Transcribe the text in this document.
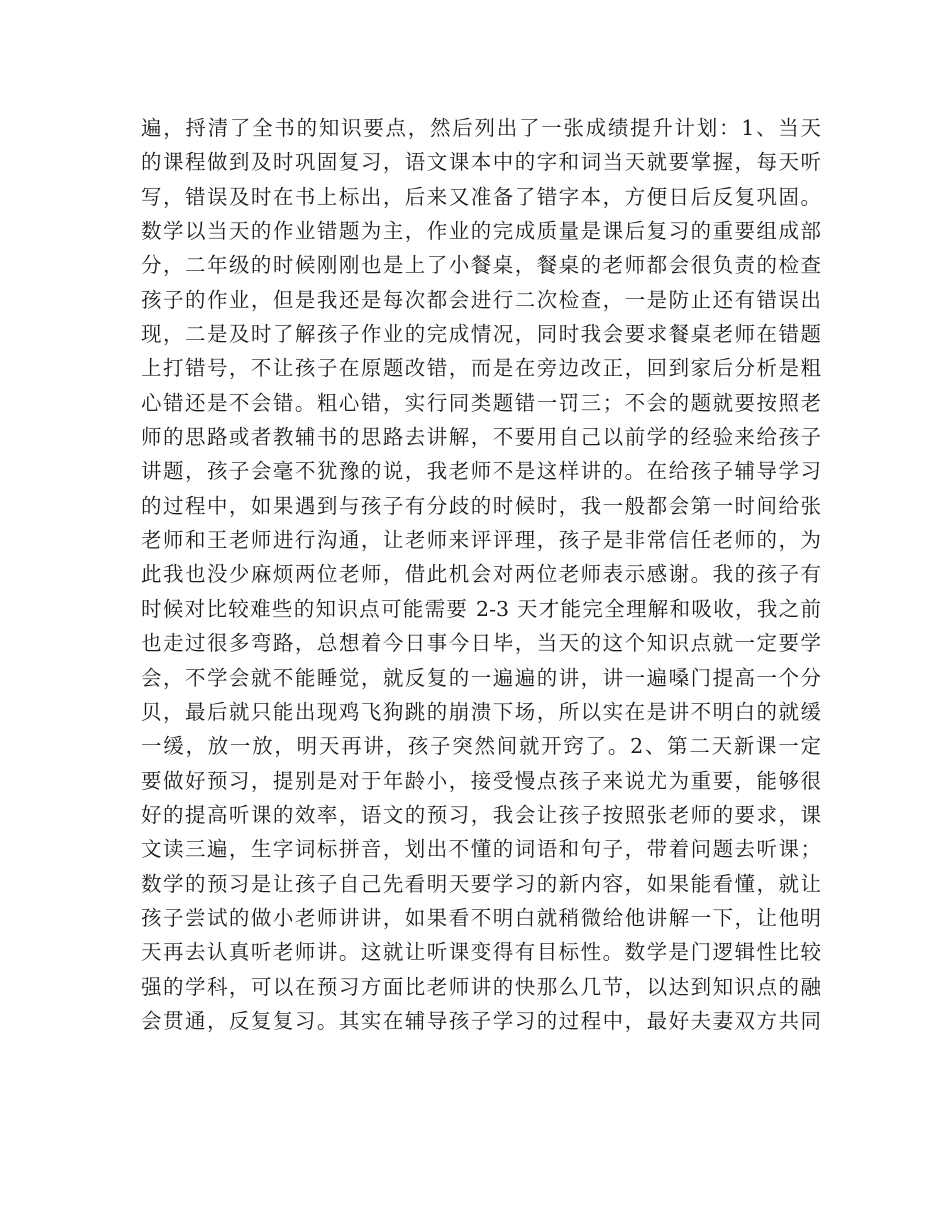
遍，捋清了全书的知识要点，然后列出了一张成绩提升计划：1、当天
的课程做到及时巩固复习，语文课本中的字和词当天就要掌握，每天听
写，错误及时在书上标出，后来又准备了错字本，方便日后反复巩固。
数学以当天的作业错题为主，作业的完成质量是课后复习的重要组成部
分，二年级的时候刚刚也是上了小餐桌，餐桌的老师都会很负责的检查
孩子的作业，但是我还是每次都会进行二次检查，一是防止还有错误出
现，二是及时了解孩子作业的完成情况，同时我会要求餐桌老师在错题
上打错号，不让孩子在原题改错，而是在旁边改正，回到家后分析是粗
心错还是不会错。粗心错，实行同类题错一罚三；不会的题就要按照老
师的思路或者教辅书的思路去讲解，不要用自己以前学的经验来给孩子
讲题，孩子会毫不犹豫的说，我老师不是这样讲的。在给孩子辅导学习
的过程中，如果遇到与孩子有分歧的时候时，我一般都会第一时间给张
老师和王老师进行沟通，让老师来评评理，孩子是非常信任老师的，为
此我也没少麻烦两位老师，借此机会对两位老师表示感谢。我的孩子有
时候对比较难些的知识点可能需要 2-3 天才能完全理解和吸收，我之前
也走过很多弯路，总想着今日事今日毕，当天的这个知识点就一定要学
会，不学会就不能睡觉，就反复的一遍遍的讲，讲一遍嗓门提高一个分
贝，最后就只能出现鸡飞狗跳的崩溃下场，所以实在是讲不明白的就缓
一缓，放一放，明天再讲，孩子突然间就开窍了。2、第二天新课一定
要做好预习，提别是对于年龄小，接受慢点孩子来说尤为重要，能够很
好的提高听课的效率，语文的预习，我会让孩子按照张老师的要求，课
文读三遍，生字词标拼音，划出不懂的词语和句子，带着问题去听课；
数学的预习是让孩子自己先看明天要学习的新内容，如果能看懂，就让
孩子尝试的做小老师讲讲，如果看不明白就稍微给他讲解一下，让他明
天再去认真听老师讲。这就让听课变得有目标性。数学是门逻辑性比较
强的学科，可以在预习方面比老师讲的快那么几节，以达到知识点的融
会贯通，反复复习。其实在辅导孩子学习的过程中，最好夫妻双方共同
